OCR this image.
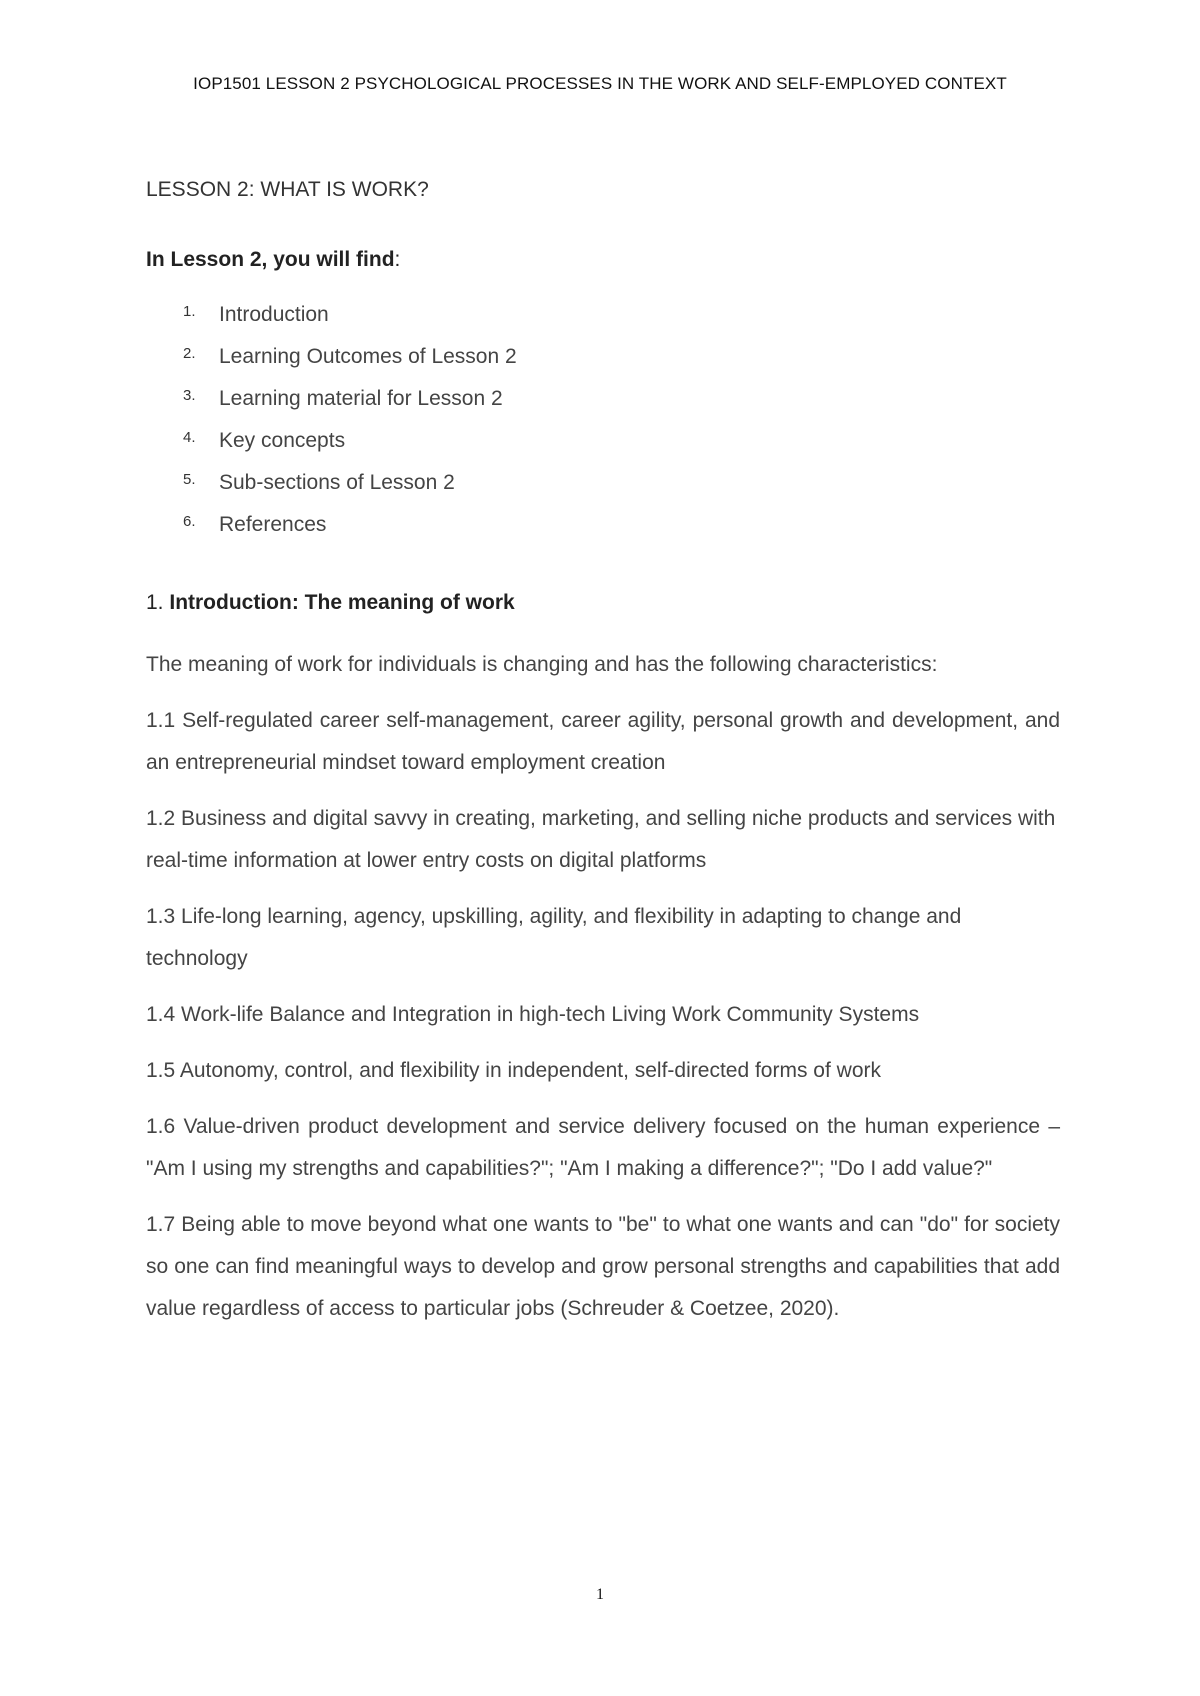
IOP1501 LESSON 2 PSYCHOLOGICAL PROCESSES IN THE WORK AND SELF-EMPLOYED CONTEXT
LESSON 2: WHAT IS WORK?
In Lesson 2, you will find:
1. Introduction
2. Learning Outcomes of Lesson 2
3. Learning material for Lesson 2
4. Key concepts
5. Sub-sections of Lesson 2
6. References
1. Introduction: The meaning of work

The meaning of work for individuals is changing and has the following characteristics:

1.1 Self-regulated career self-management, career agility, personal growth and development, and an entrepreneurial mindset toward employment creation

1.2 Business and digital savvy in creating, marketing, and selling niche products and services with real-time information at lower entry costs on digital platforms

1.3 Life-long learning, agency, upskilling, agility, and flexibility in adapting to change and technology

1.4 Work-life Balance and Integration in high-tech Living Work Community Systems

1.5 Autonomy, control, and flexibility in independent, self-directed forms of work

1.6 Value-driven product development and service delivery focused on the human experience – "Am I using my strengths and capabilities?"; "Am I making a difference?"; "Do I add value?"

1.7 Being able to move beyond what one wants to "be" to what one wants and can "do" for society so one can find meaningful ways to develop and grow personal strengths and capabilities that add value regardless of access to particular jobs (Schreuder & Coetzee, 2020).

1
